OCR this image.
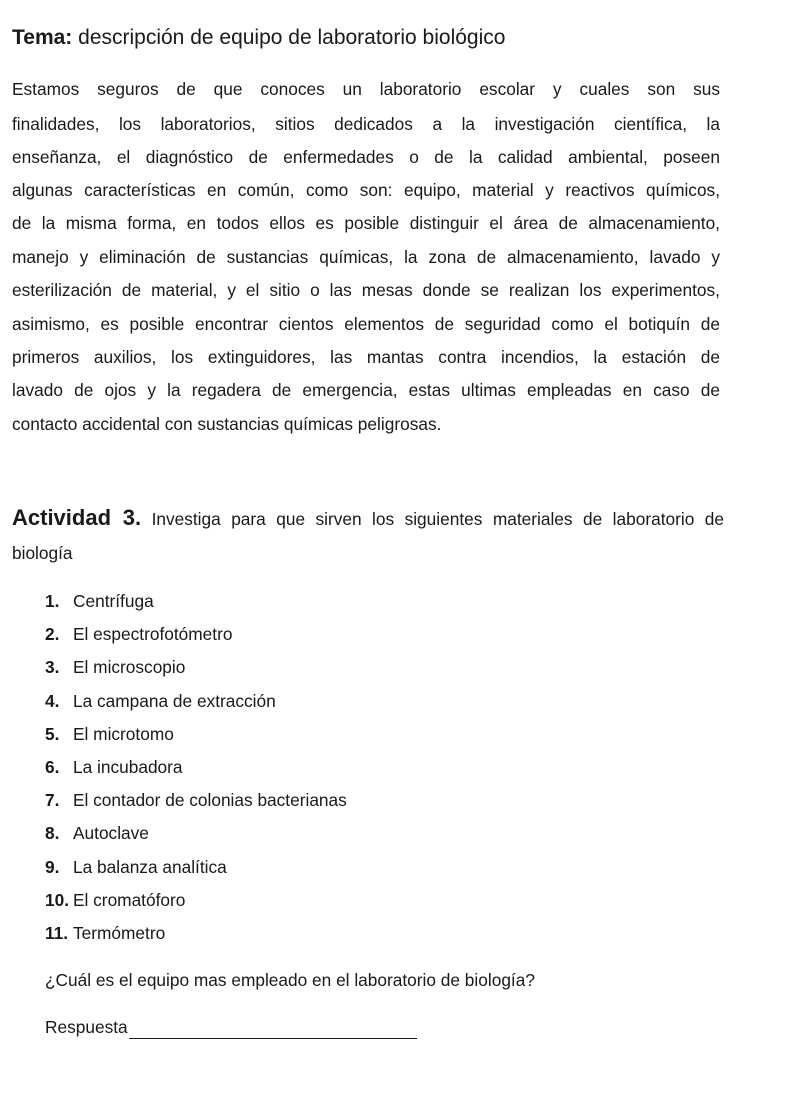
Tema: descripción de equipo de laboratorio biológico
Estamos seguros de que conoces un laboratorio escolar y cuales son sus
finalidades, los laboratorios, sitios dedicados a la investigación científica, la
enseñanza, el diagnóstico de enfermedades o de la calidad ambiental, poseen
algunas características en común, como son: equipo, material y reactivos químicos,
de la misma forma, en todos ellos es posible distinguir el área de almacenamiento,
manejo y eliminación de sustancias químicas, la zona de almacenamiento, lavado y
esterilización de material, y el sitio o las mesas donde se realizan los experimentos,
asimismo, es posible encontrar cientos elementos de seguridad como el botiquín de
primeros auxilios, los extinguidores, las mantas contra incendios, la estación de
lavado de ojos y la regadera de emergencia, estas ultimas empleadas en caso de
contacto accidental con sustancias químicas peligrosas.
Actividad 3. Investiga para que sirven los siguientes materiales de laboratorio de
biología
1. Centrífuga
2. El espectrofotómetro
3. El microscopio
4. La campana de extracción
5. El microtomo
6. La incubadora
7. El contador de colonias bacterianas
8. Autoclave
9. La balanza analítica
10. El cromatóforo
11. Termómetro
¿Cuál es el equipo mas empleado en el laboratorio de biología?
Respuesta
